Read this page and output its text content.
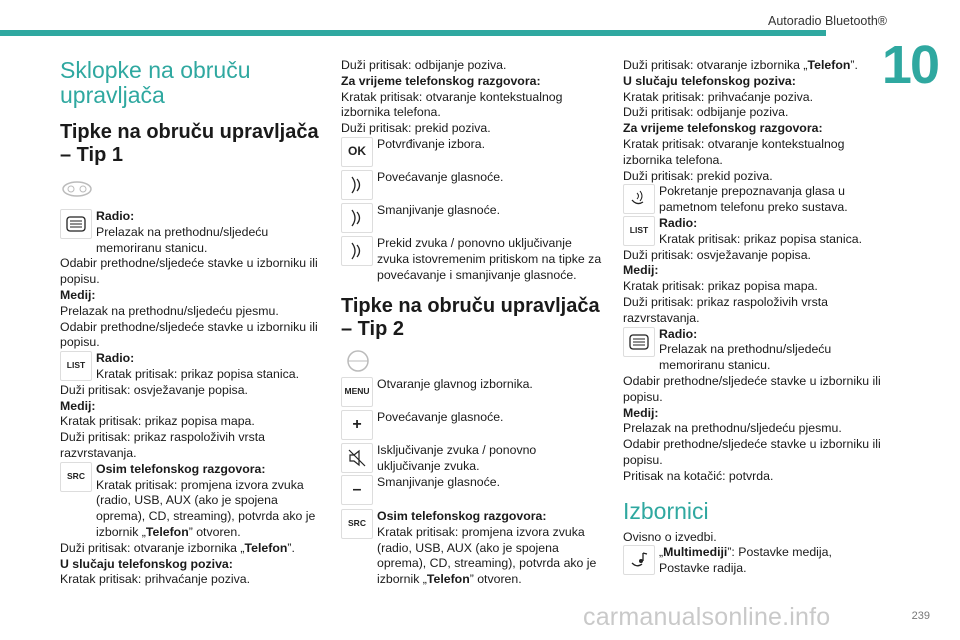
Autoradio Bluetooth®
10

Sklopke na obruču upravljača

Tipke na obruču upravljača – Tip 1

Radio:
Prelazak na prethodnu/sljedeću memoriranu stanicu.

Odabir prethodne/sljedeće stavke u izborniku ili popisu.

Medij:

Prelazak na prethodnu/sljedeću pjesmu.

Odabir prethodne/sljedeće stavke u izborniku ili popisu.

LIST
Radio:
Kratak pritisak: prikaz popisa stanica.

Duži pritisak: osvježavanje popisa.

Medij:

Kratak pritisak: prikaz popisa mapa.

Duži pritisak: prikaz raspoloživih vrsta razvrstavanja.

SRC
Osim telefonskog razgovora:
Kratak pritisak: promjena izvora zvuka (radio, USB, AUX (ako je spojena oprema), CD, streaming), potvrda ako je izbornik „Telefon” otvoren.

Duži pritisak: otvaranje izbornika „Telefon”.

U slučaju telefonskog poziva:

Kratak pritisak: prihvaćanje poziva.

Duži pritisak: odbijanje poziva.

Za vrijeme telefonskog razgovora:

Kratak pritisak: otvaranje kontekstualnog izbornika telefona.

Duži pritisak: prekid poziva.

OK
Potvrđivanje izbora.
Povećavanje glasnoće.
Smanjivanje glasnoće.
Prekid zvuka / ponovno uključivanje zvuka istovremenim pritiskom na tipke za povećavanje i smanjivanje glasnoće.

Tipke na obruču upravljača – Tip 2

MENU
Otvaranje glavnog izbornika.
+	Povećavanje glasnoće.
Isključivanje zvuka / ponovno uključivanje zvuka.
–	Smanjivanje glasnoće.
SRC
Osim telefonskog razgovora:
Kratak pritisak: promjena izvora zvuka (radio, USB, AUX (ako je spojena oprema), CD, streaming), potvrda ako je izbornik „Telefon” otvoren.

Duži pritisak: otvaranje izbornika „Telefon”.

U slučaju telefonskog poziva:

Kratak pritisak: prihvaćanje poziva.

Duži pritisak: odbijanje poziva.

Za vrijeme telefonskog razgovora:

Kratak pritisak: otvaranje kontekstualnog izbornika telefona.

Duži pritisak: prekid poziva.

Pokretanje prepoznavanja glasa u pametnom telefonu preko sustava.
LIST
Radio:
Kratak pritisak: prikaz popisa stanica.

Duži pritisak: osvježavanje popisa.

Medij:

Kratak pritisak: prikaz popisa mapa.

Duži pritisak: prikaz raspoloživih vrsta razvrstavanja.

Radio:
Prelazak na prethodnu/sljedeću memoriranu stanicu.

Odabir prethodne/sljedeće stavke u izborniku ili popisu.

Medij:

Prelazak na prethodnu/sljedeću pjesmu.

Odabir prethodne/sljedeće stavke u izborniku ili popisu.

Pritisak na kotačić: potvrda.

Izbornici

Ovisno o izvedbi.

„Multimediji”: Postavke medija, Postavke radija.
carmanualsonline.info	239
